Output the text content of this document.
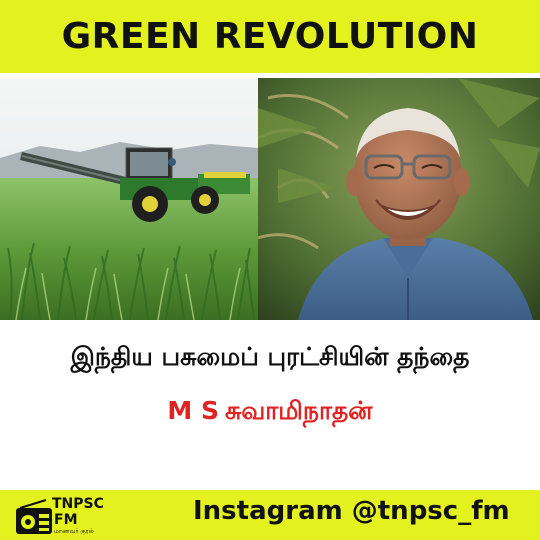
GREEN REVOLUTION
இந்திய பசுமைப் புரட்சியின் தந்தை
M S சுவாமிநாதன்
TNPSC
FM
மாணவர் குரல்
Instagram @tnpsc_fm
